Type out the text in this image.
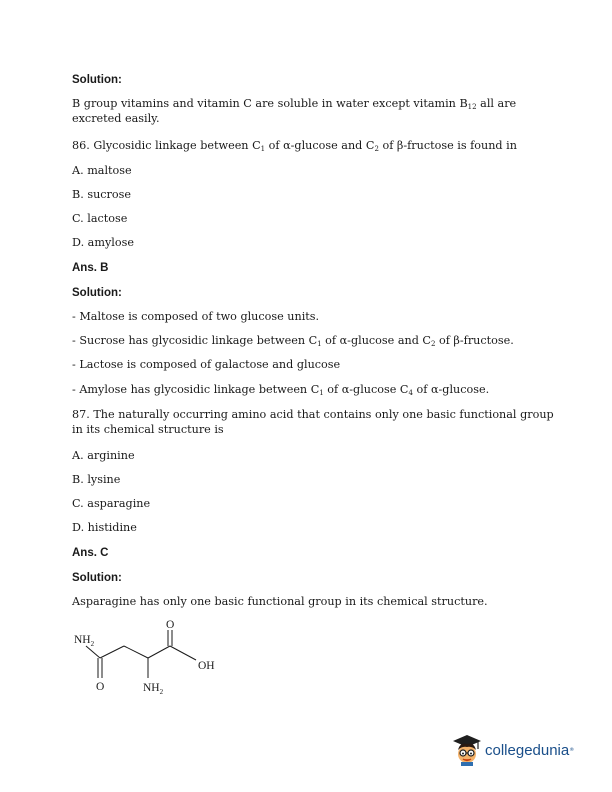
Solution:
B group vitamins and vitamin C are soluble in water except vitamin $B_{12}$ all are
excreted easily.
86. Glycosidic linkage between $C_1$ of α-glucose and $C_2$ of β-fructose is found in
A. maltose
B. sucrose
C. lactose
D. amylose
Ans. B
Solution:
- Maltose is composed of two glucose units.
- Sucrose has glycosidic linkage between $C_1$ of α-glucose and $C_2$ of β-fructose.
- Lactose is composed of galactose and glucose
- Amylose has glycosidic linkage between $C_1$ of α-glucose $C_4$ of α-glucose.
87. The naturally occurring amino acid that contains only one basic functional group
in its chemical structure is
A. arginine
B. lysine
C. asparagine
D. histidine
Ans. C
Solution:
Asparagine has only one basic functional group in its chemical structure.
$NH_2$
O
OH
O	$NH_2$
collegedunia ®
